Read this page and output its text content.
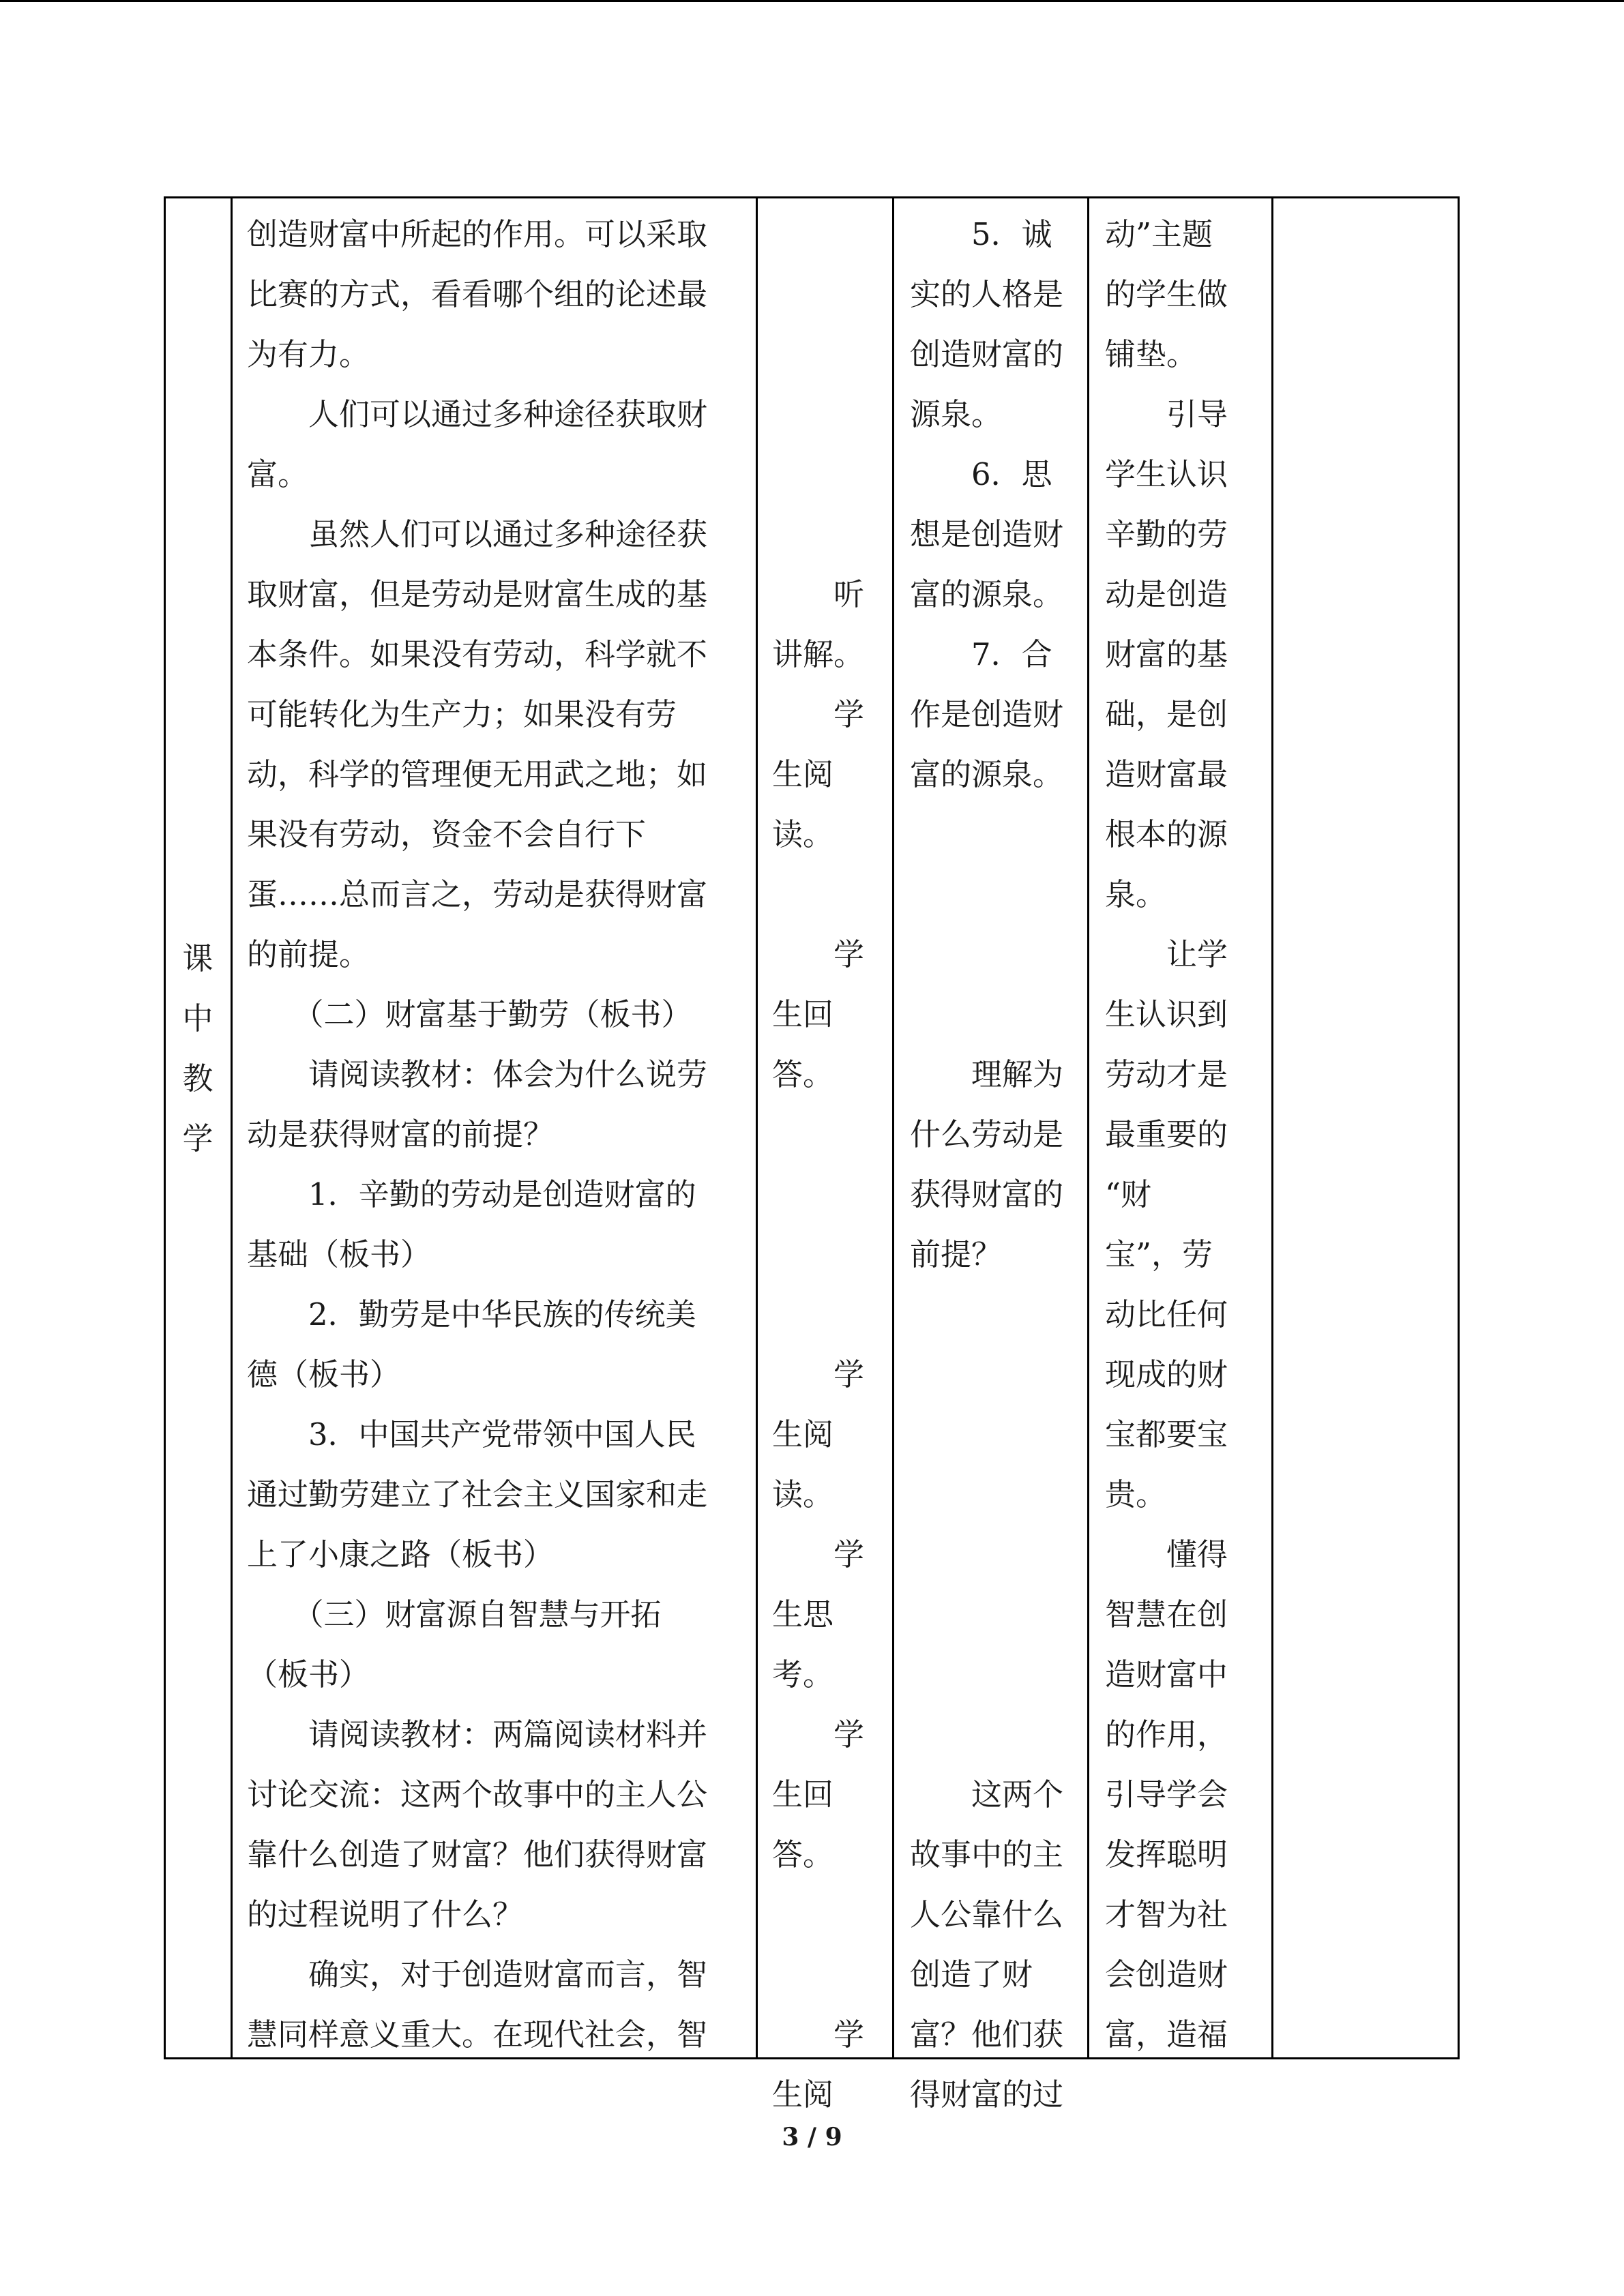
课
中
教
学
创造财富中所起的作用。可以采取
比赛的方式，看看哪个组的论述最
为有力。
　　人们可以通过多种途径获取财
富。
　　虽然人们可以通过多种途径获
取财富，但是劳动是财富生成的基
本条件。如果没有劳动，科学就不
可能转化为生产力；如果没有劳
动，科学的管理便无用武之地；如
果没有劳动，资金不会自行下
蛋……总而言之，劳动是获得财富
的前提。
　　（二）财富基于勤劳（板书）
　　请阅读教材：体会为什么说劳
动是获得财富的前提？
　　1．辛勤的劳动是创造财富的
基础（板书）
　　2．勤劳是中华民族的传统美
德（板书）
　　3．中国共产党带领中国人民
通过勤劳建立了社会主义国家和走
上了小康之路（板书）
　　（三）财富源自智慧与开拓
（板书）
　　请阅读教材：两篇阅读材料并
讨论交流：这两个故事中的主人公
靠什么创造了财富？他们获得财富
的过程说明了什么？
　　确实，对于创造财富而言，智
慧同样意义重大。在现代社会，智
　　听
讲解。
　　学
生阅
读。
　　学
生回
答。
　　学
生阅
读。
　　学
生思
考。
　　学
生回
答。
　　学
生阅
　　5．诚
实的人格是
创造财富的
源泉。
　　6．思
想是创造财
富的源泉。
　　7．合
作是创造财
富的源泉。
　　理解为
什么劳动是
获得财富的
前提？
　　这两个
故事中的主
人公靠什么
创造了财
富？他们获
得财富的过
动”主题
的学生做
铺垫。
　　引导
学生认识
辛勤的劳
动是创造
财富的基
础，是创
造财富最
根本的源
泉。
　　让学
生认识到
劳动才是
最重要的
“财
宝”，劳
动比任何
现成的财
宝都要宝
贵。
　　懂得
智慧在创
造财富中
的作用，
引导学会
发挥聪明
才智为社
会创造财
富，造福
3 / 9
